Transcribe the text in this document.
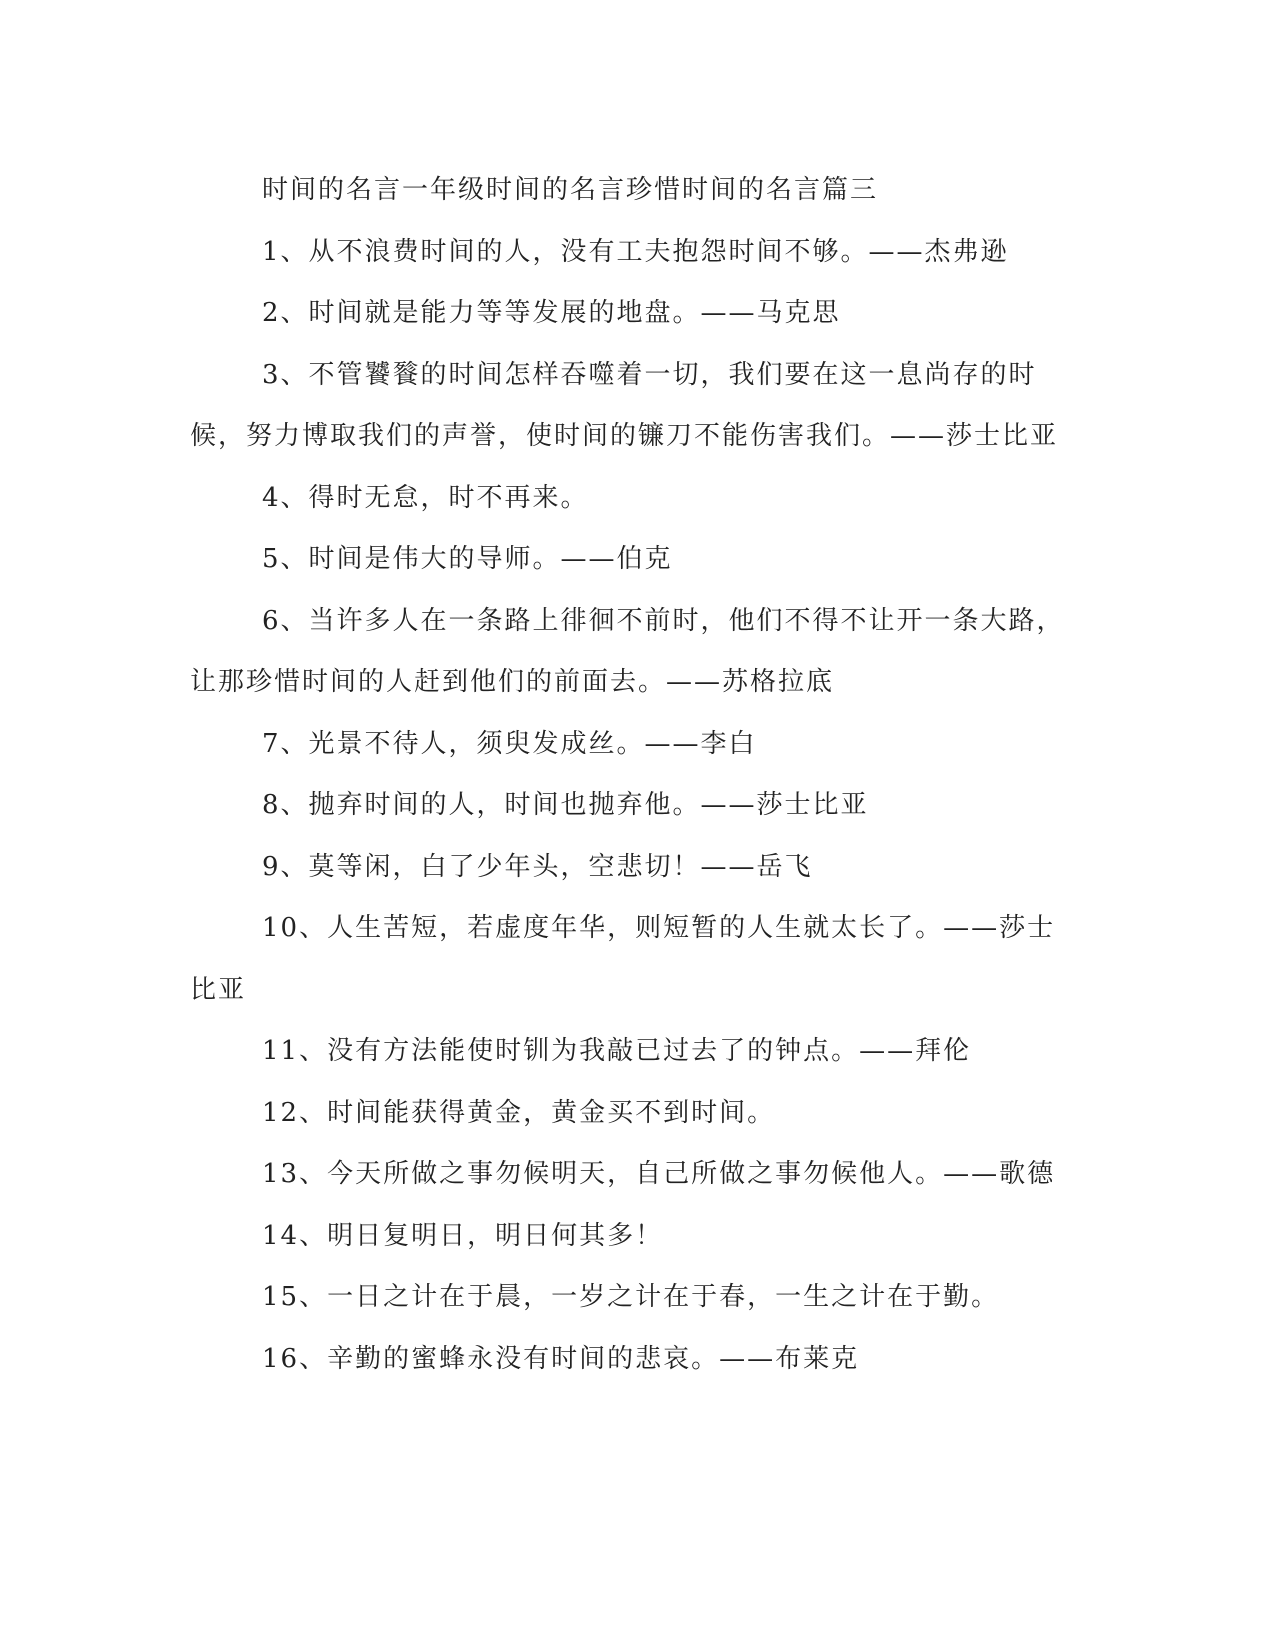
时间的名言一年级时间的名言珍惜时间的名言篇三

1、从不浪费时间的人，没有工夫抱怨时间不够。——杰弗逊

2、时间就是能力等等发展的地盘。——马克思

3、不管饕餮的时间怎样吞噬着一切，我们要在这一息尚存的时候，努力博取我们的声誉，使时间的镰刀不能伤害我们。——莎士比亚

4、得时无怠，时不再来。

5、时间是伟大的导师。——伯克

6、当许多人在一条路上徘徊不前时，他们不得不让开一条大路，让那珍惜时间的人赶到他们的前面去。——苏格拉底

7、光景不待人，须臾发成丝。——李白

8、抛弃时间的人，时间也抛弃他。——莎士比亚

9、莫等闲，白了少年头，空悲切！——岳飞

10、人生苦短，若虚度年华，则短暂的人生就太长了。——莎士比亚

11、没有方法能使时钏为我敲已过去了的钟点。——拜伦

12、时间能获得黄金，黄金买不到时间。

13、今天所做之事勿候明天，自己所做之事勿候他人。——歌德

14、明日复明日，明日何其多！

15、一日之计在于晨，一岁之计在于春，一生之计在于勤。

16、辛勤的蜜蜂永没有时间的悲哀。——布莱克
